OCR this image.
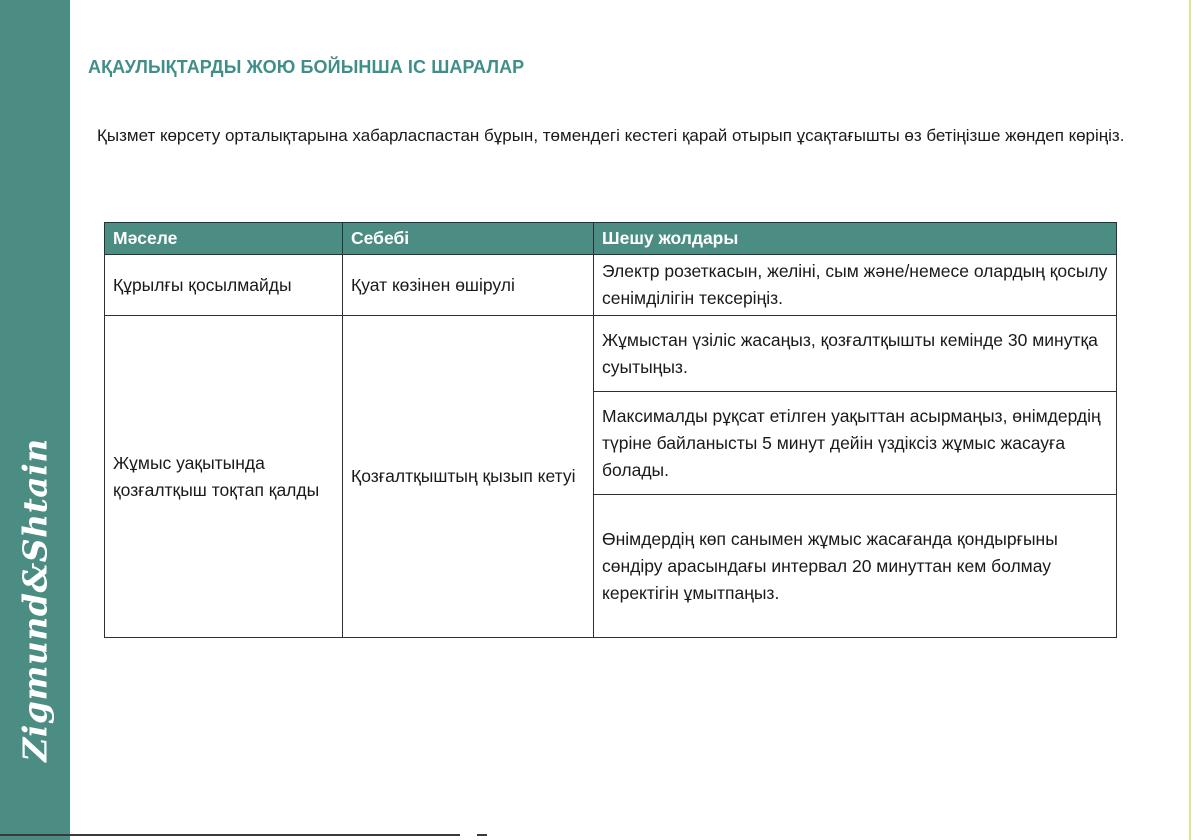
Zigmund&Shtain
АҚАУЛЫҚТАРДЫ ЖОЮ БОЙЫНША ІС ШАРАЛАР
Қызмет көрсету орталықтарына хабарласпастан бұрын, төмендегі кестегі қарай отырып ұсақтағышты өз бетіңізше жөндеп көріңіз.
Мәселе	Себебі	Шешу жолдары
Құрылғы қосылмайды	Қуат көзінен өшірулі	Электр розеткасын, желіні, сым және/немесе олардың қосылу сенімділігін тексеріңіз.
Жұмыс уақытында қозғалтқыш тоқтап қалды	Қозғалтқыштың қызып кетуі	Жұмыстан үзіліс жасаңыз, қозғалтқышты кемінде 30 минутқа суытыңыз.
		Максималды рұқсат етілген уақыттан асырмаңыз, өнімдердің түріне байланысты 5 минут дейін үздіксіз жұмыс жасауға болады.
		Өнімдердің көп санымен жұмыс жасағанда қондырғыны сөндіру арасындағы интервал 20 минуттан кем болмау керектігін ұмытпаңыз.
